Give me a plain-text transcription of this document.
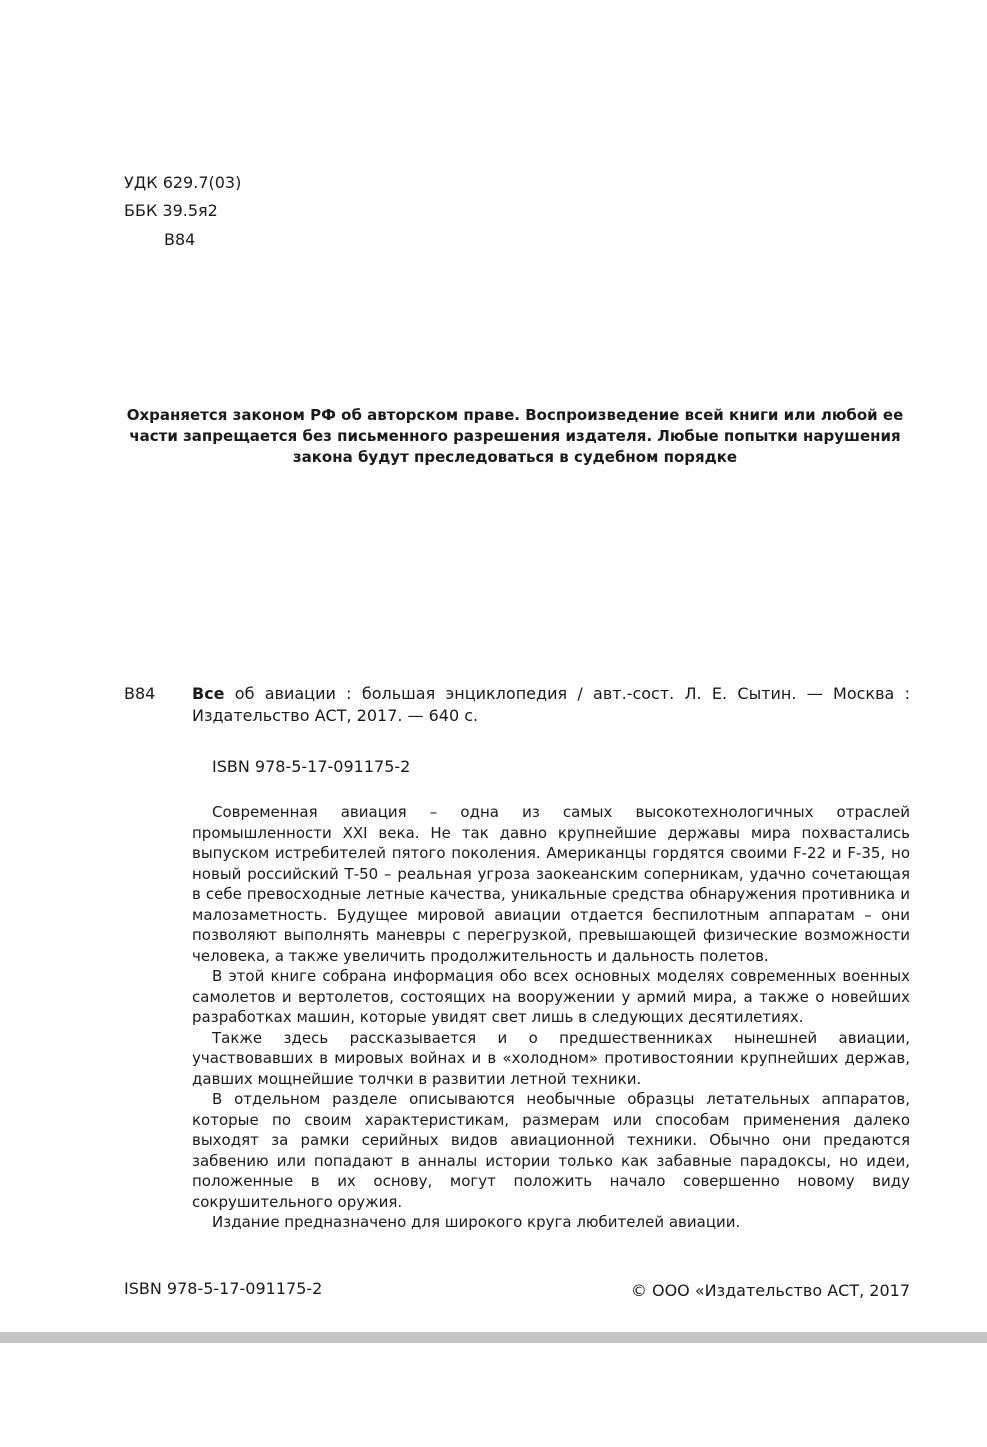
УДК 629.7(03)
ББК 39.5я2
В84
Охраняется законом РФ об авторском праве. Воспроизведение всей книги или любой ее части запрещается без письменного разрешения издателя. Любые попытки нарушения закона будут преследоваться в судебном порядке
В84 Все об авиации : большая энциклопедия / авт.-сост. Л. Е. Сытин. — Москва : Издательство АСТ, 2017. — 640 с.
ISBN 978-5-17-091175-2

Современная авиация – одна из самых высокотехнологичных отраслей промышленности XXI века. Не так давно крупнейшие державы мира похвастались выпуском истребителей пятого поколения. Американцы гордятся своими F-22 и F-35, но новый российский Т-50 – реальная угроза заокеанским соперникам, удачно сочетающая в себе превосходные летные качества, уникальные средства обнаружения противника и малозаметность. Будущее мировой авиации отдается беспилотным аппаратам – они позволяют выполнять маневры с перегрузкой, превышающей физические возможности человека, а также увеличить продолжительность и дальность полетов.

В этой книге собрана информация обо всех основных моделях современных военных самолетов и вертолетов, состоящих на вооружении у армий мира, а также о новейших разработках машин, которые увидят свет лишь в следующих десятилетиях.

Также здесь рассказывается и о предшественниках нынешней авиации, участвовавших в мировых войнах и в «холодном» противостоянии крупнейших держав, давших мощнейшие толчки в развитии летной техники.

В отдельном разделе описываются необычные образцы летательных аппаратов, которые по своим характеристикам, размерам или способам применения далеко выходят за рамки серийных видов авиационной техники. Обычно они предаются забвению или попадают в анналы истории только как забавные парадоксы, но идеи, положенные в их основу, могут положить начало совершенно новому виду сокрушительного оружия.

Издание предназначено для широкого круга любителей авиации.

ISBN 978-5-17-091175-2	© ООО «Издательство АСТ, 2017
